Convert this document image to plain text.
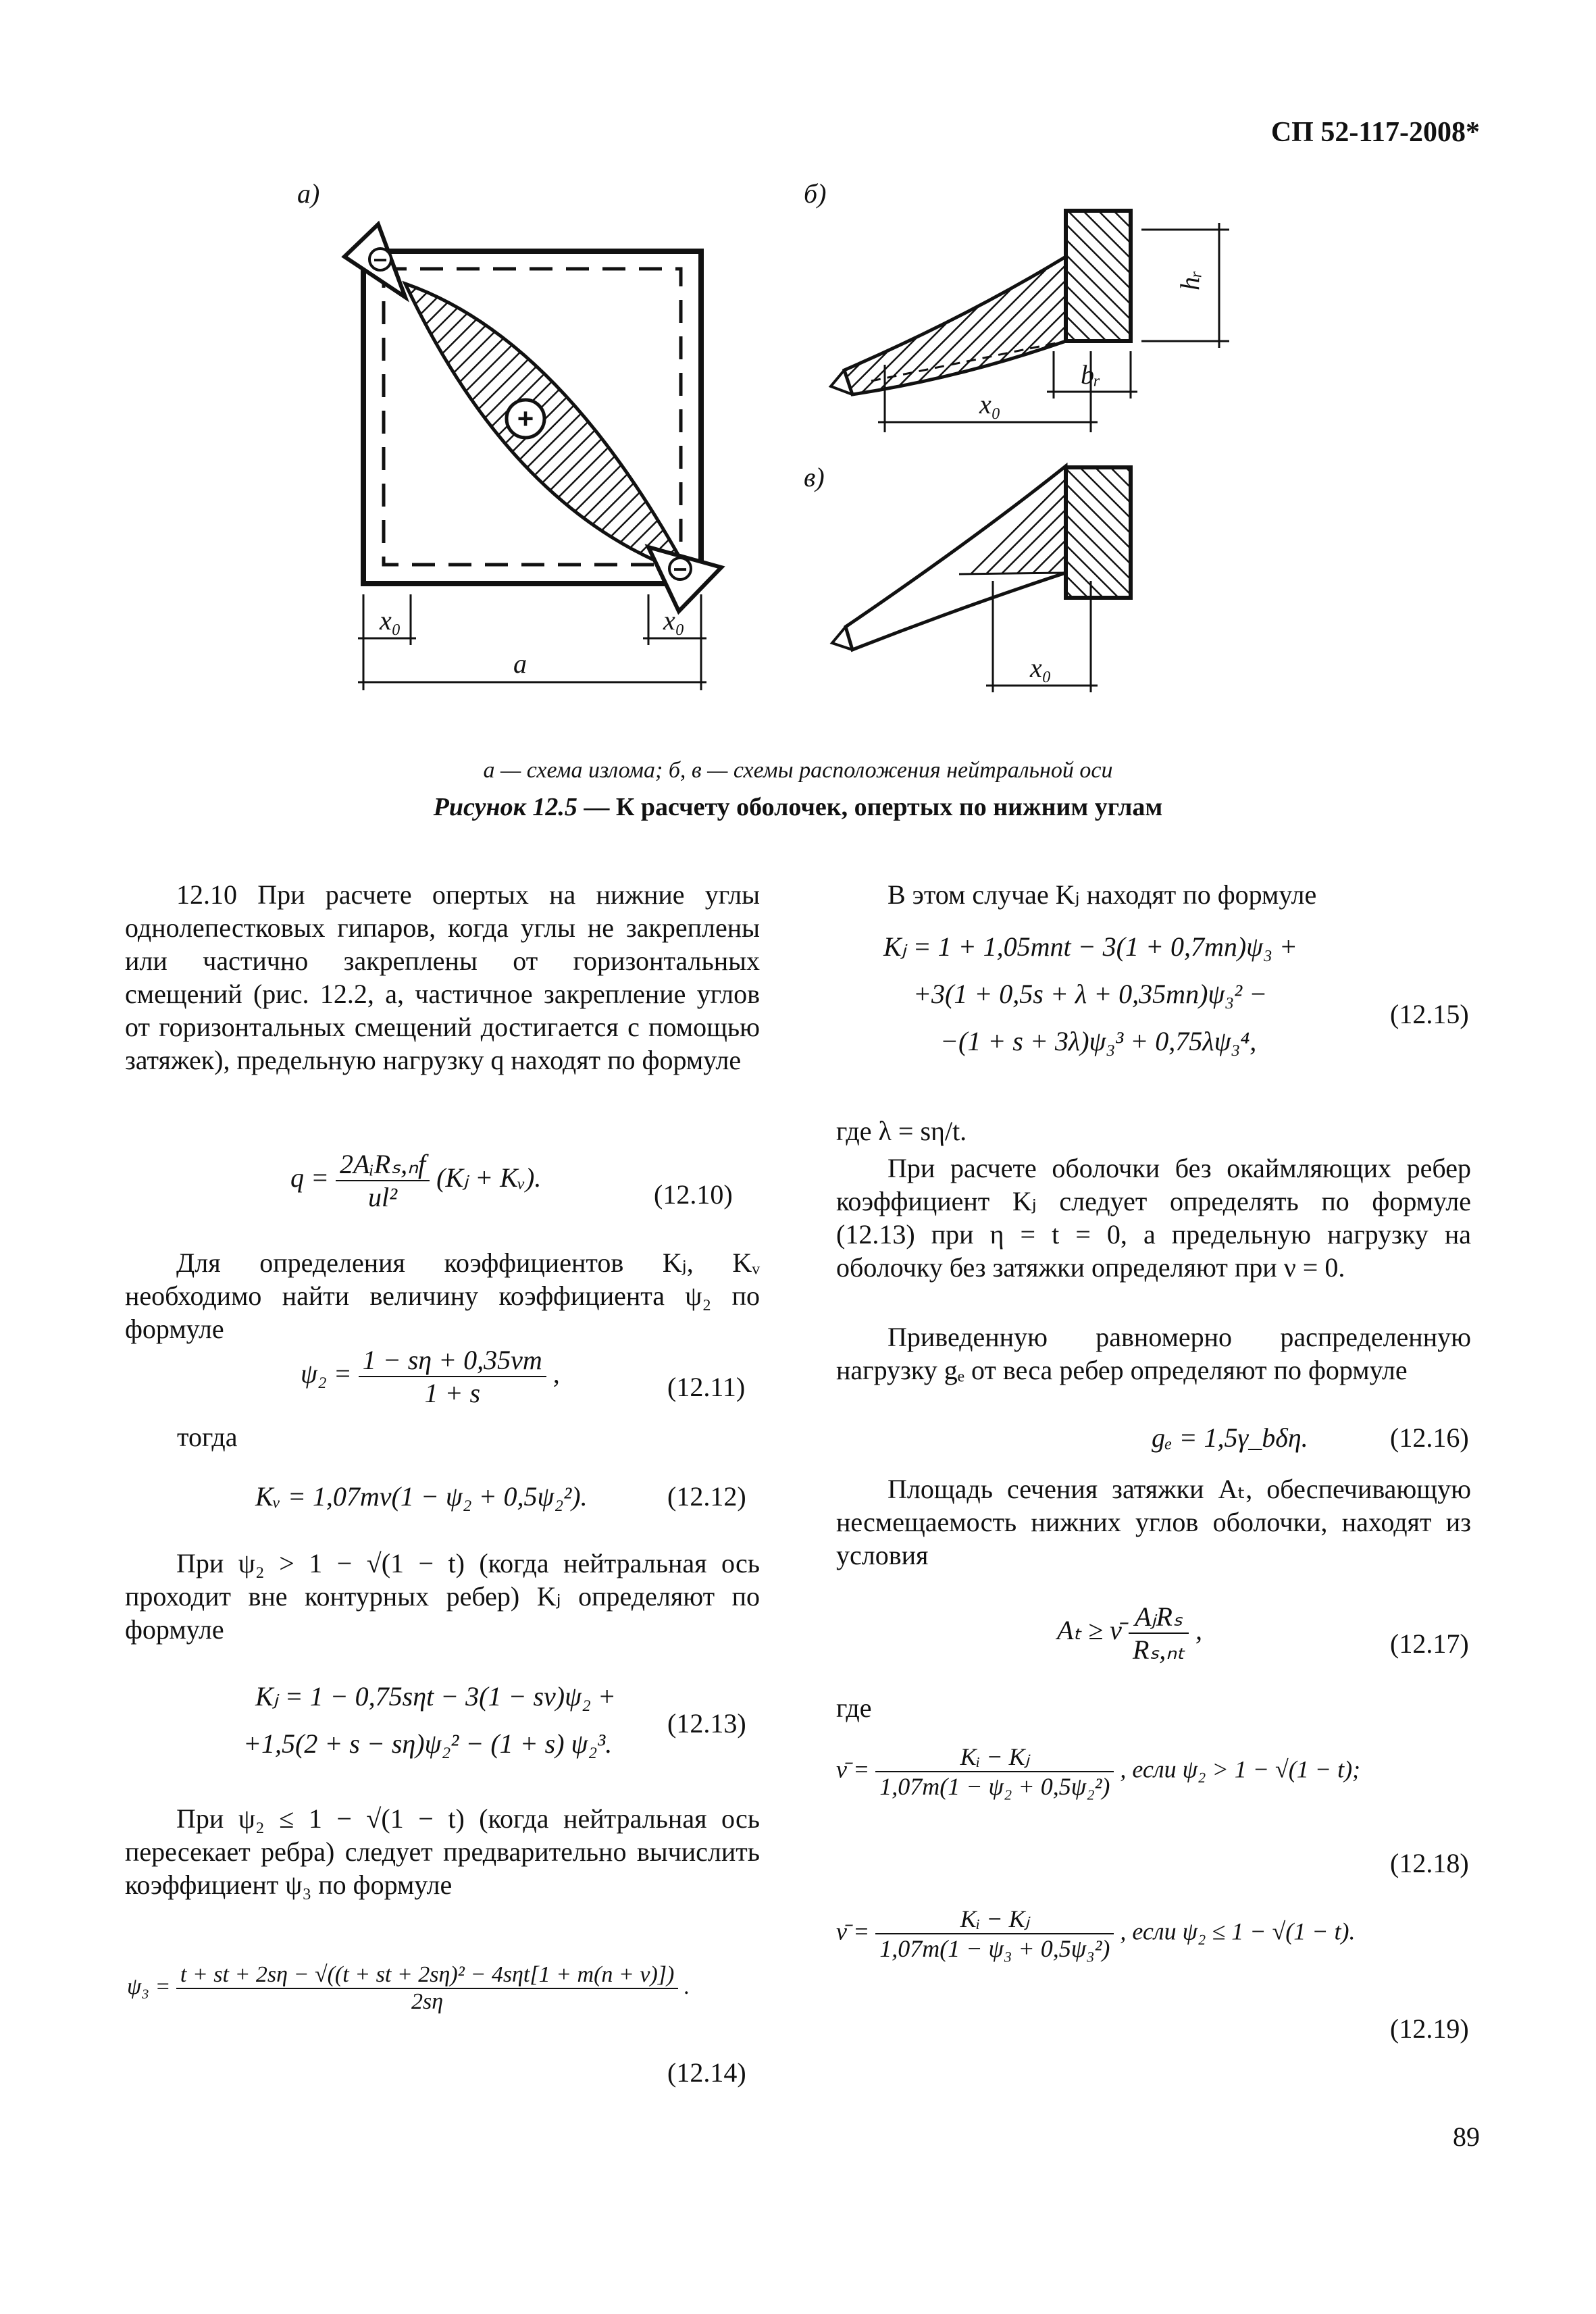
СП 52-117-2008*
а)
−
−
+
x₀	x₀
a
б)
x₀
bᵣ
hᵣ
в)
x₀
а — схема излома; б, в — схемы расположения нейтральной оси
Рисунок 12.5 — К расчету оболочек, опертых по нижним углам

12.10 При расчете опертых на нижние углы однолепестковых гипаров, когда углы не закреплены или частично закреплены от горизонтальных смещений (рис. 12.2, а, частичное закрепление углов от горизонтальных смещений достигается с помощью затяжек), предельную нагрузку q находят по формуле

$q = \frac{\text{2AᵢRₛ,ₙf}}{\text{ul²}}$ (Kⱼ + Kᵥ).
(12.10)

Для определения коэффициентов Kⱼ, Kᵥ необходимо найти величину коэффициента ψ₂ по формуле

$\psi_2 = \frac{1 - s\eta + 0,35\nu m}{1 + s}$ ,	(12.11)
тогда
Kᵥ = 1,07mν(1 − ψ₂ + 0,5ψ₂²).	(12.12)

При ψ₂ > 1 − √(1 − t) (когда нейтральная ось проходит вне контурных ребер) Kⱼ определяют по формуле

Kⱼ = 1 − 0,75sηt − 3(1 − sν)ψ₂ +
+1,5(2 + s − sη)ψ₂² − (1 + s) ψ₂³.
(12.13)

При ψ₂ ≤ 1 − √(1 − t) (когда нейтральная ось пересекает ребра) следует предварительно вычислить коэффициент ψ₃ по формуле

$\psi_3 = \frac{\text{t + st + 2sη − √((t + st + 2sη)² − 4sηt[1 + m(n + ν)])}}{2s\eta}$ .
(12.14)

В этом случае Kⱼ находят по формуле

Kⱼ = 1 + 1,05mnt − 3(1 + 0,7mn)ψ₃ +
+3(1 + 0,5s + λ + 0,35mn)ψ₃² −
−(1 + s + 3λ)ψ₃³ + 0,75λψ₃⁴,
(12.15)

где λ = sη/t.

При расчете оболочки без окаймляющих ребер коэффициент Kⱼ следует определять по формуле (12.13) при η = t = 0, а предельную нагрузку на оболочку без затяжки определяют при ν = 0.

Приведенную равномерно распределенную нагрузку gₑ от веса ребер определяют по формуле

gₑ = 1,5γ_bδη.	(12.16)

Площадь сечения затяжки Aₜ, обеспечивающую несмещаемость нижних углов оболочки, находят из условия

Aₜ ≥ ν̄ $\frac{\text{AⱼRₛ}}{\text{Rₛ,ₙₜ}}$ ,	(12.17)
где
ν̄ = $\frac{\text{Kᵢ − Kⱼ}}{\text{1,07m(1 − ψ₂ + 0,5ψ₂²)}}$ , если ψ₂ > 1 − √(1 − t);
(12.18)
ν̄ = $\frac{\text{Kᵢ − Kⱼ}}{\text{1,07m(1 − ψ₃ + 0,5ψ₃²)}}$ , если ψ₂ ≤ 1 − √(1 − t).
(12.19)
89
